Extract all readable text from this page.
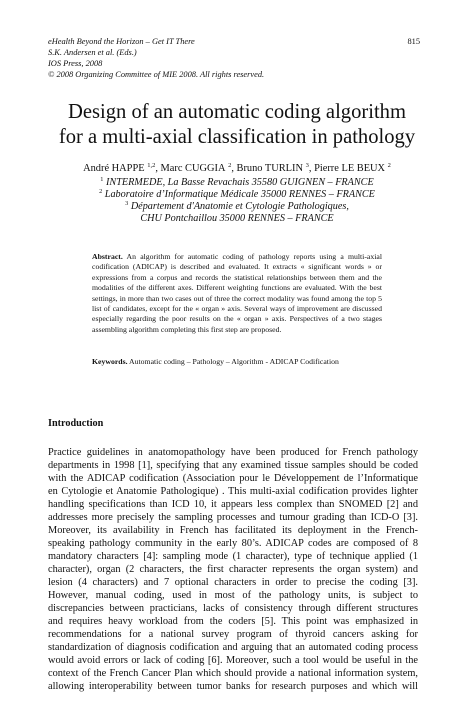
eHealth Beyond the Horizon – Get IT There
S.K. Andersen et al. (Eds.)
IOS Press, 2008
© 2008 Organizing Committee of MIE 2008. All rights reserved.
815
Design of an automatic coding algorithm
for a multi-axial classification in pathology
André HAPPE $^{1,2}$, Marc CUGGIA $^2$, Bruno TURLIN $^3$, Pierre LE BEUX $^2$
$^1$ INTERMEDE, La Basse Revachais 35580 GUIGNEN – FRANCE
$^2$ Laboratoire d’Informatique Médicale 35000 RENNES – FRANCE
$^3$ Département d'Anatomie et Cytologie Pathologiques,
CHU Pontchaillou 35000 RENNES – FRANCE
Abstract. An algorithm for automatic coding of pathology reports using a multi-axial codification (ADICAP) is described and evaluated. It extracts « significant words » or expressions from a corpus and records the statistical relationships between them and the modalities of the different axes. Different weighting functions are evaluated. With the best settings, in more than two cases out of three the correct modality was found among the top 5 list of candidates, except for the « organ » axis. Several ways of improvement are discussed especially regarding the poor results on the « organ » axis. Perspectives of a two stages assembling algorithm completing this first step are proposed.
Keywords. Automatic coding – Pathology – Algorithm - ADICAP Codification
Introduction
Practice guidelines in anatomopathology have been produced for French pathology
departments in 1998 [1], specifying that any examined tissue samples should be coded
with the ADICAP codification (Association pour le Développement de l’Informatique
en Cytologie et Anatomie Pathologique) . This multi-axial codification provides lighter
handling specifications than ICD 10, it appears less complex than SNOMED [2] and
addresses more precisely the sampling processes and tumour grading than ICD-O [3].
Moreover, its availability in French has facilitated its deployment in the French-
speaking pathology community in the early 80’s. ADICAP codes are composed of 8
mandatory characters [4]: sampling mode (1 character), type of technique applied (1
character), organ (2 characters, the first character represents the organ system) and
lesion (4 characters) and 7 optional characters in order to precise the coding [3].
However, manual coding, used in most of the pathology units, is subject to
discrepancies between practicians, lacks of consistency through different structures
and requires heavy workload from the coders [5]. This point was emphasized in
recommendations for a national survey program of thyroid cancers asking for
standardization of diagnosis codification and arguing that an automated coding process
would avoid errors or lack of coding [6]. Moreover, such a tool would be useful in the
context of the French Cancer Plan which should provide a national information system,
allowing interoperability between tumor banks for research purposes and which will
